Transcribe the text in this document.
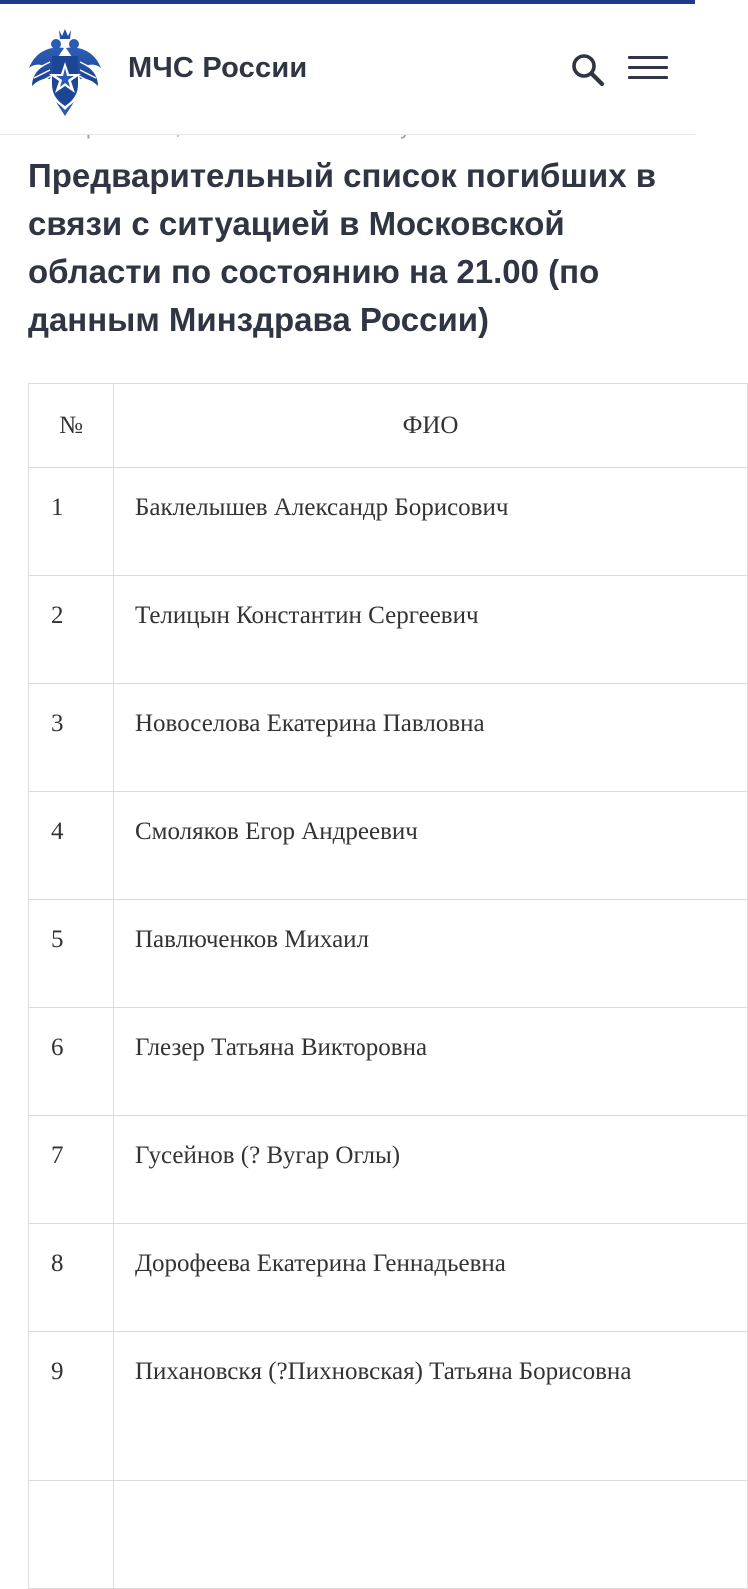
МЧС России
Предварительный список погибших в связи с ситуацией в Московской области по состоянию на 21.00 (по данным Минздрава России)
№	ФИО
1	Баклелышев Александр Борисович

2	Телицын Константин Сергеевич

3	Новоселова Екатерина Павловна

4	Смоляков Егор Андреевич

5	Павлюченков Михаил

6	Глезер Татьяна Викторовна

7	Гусейнов (? Вугар Оглы)

8	Дорофеева Екатерина Геннадьевна

9	Пихановскя (?Пихновская) Татьяна Борисовна
